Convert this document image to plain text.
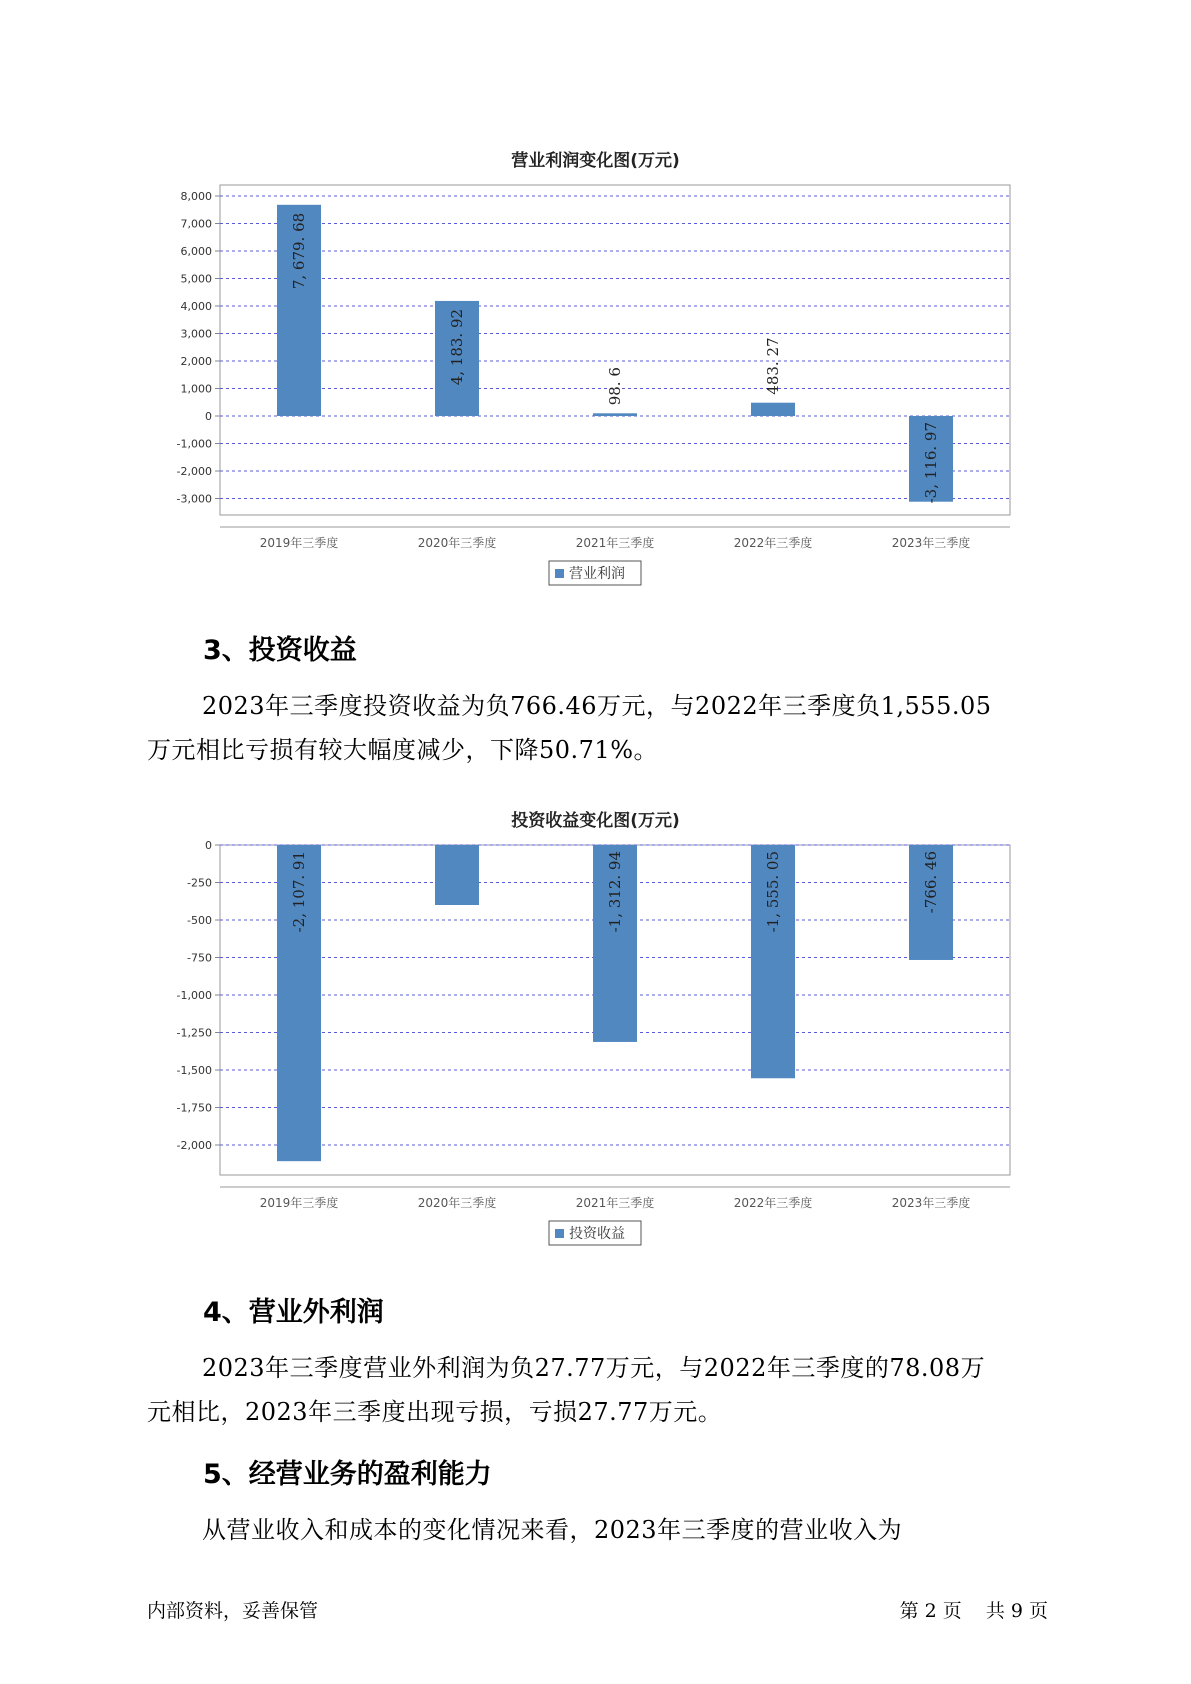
营业利润变化图(万元)
8,000
7,000
6,000
5,000
4,000
3,000
2,000
1,000
0
-1,000
-2,000
-3,000
7, 679. 68
2019年三季度
4, 183. 92
2020年三季度
98. 6
2021年三季度
483. 27
2022年三季度
-3, 116. 97
2023年三季度
营业利润
3、投资收益
2023年三季度投资收益为负766.46万元，与2022年三季度负1,555.05
万元相比亏损有较大幅度减少，下降50.71%。
投资收益变化图(万元)
0
-250
-500
-750
-1,000
-1,250
-1,500
-1,750
-2,000
-2, 107. 91
2019年三季度	2020年三季度
-1, 312. 94
2021年三季度
-1, 555. 05
2022年三季度
-766. 46
2023年三季度
投资收益
4、营业外利润
2023年三季度营业外利润为负27.77万元，与2022年三季度的78.08万
元相比，2023年三季度出现亏损，亏损27.77万元。
5、经营业务的盈利能力
从营业收入和成本的变化情况来看，2023年三季度的营业收入为
内部资料，妥善保管	第 2 页 共 9 页
